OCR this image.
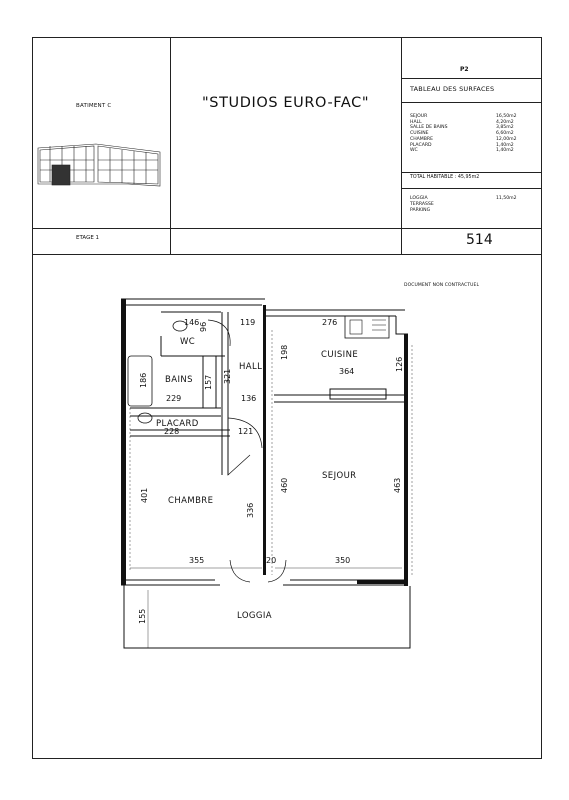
BATIMENT C
ETAGE 1
"STUDIOS EURO-FAC"
P2
TABLEAU DES SURFACES
SEJOUR	16,50m2
HALL	4,20m2
SALLE DE BAINS	3,85m2
CUISINE	6,60m2
CHAMBRE	12,00m2
PLACARD	1,40m2
WC	1,40m2
TOTAL HABITABLE : 45,95m2
LOGGIA	11,50m2
TERRASSE
PARKING
514
DOCUMENT NON CONTRACTUEL
WC
BAINS
HALL
CUISINE
PLACARD
SEJOUR
CHAMBRE
LOGGIA
146 96	119
198
276
364	126
186	157 321
229	136
228	121
401
336
460	463
355	20	350
155
